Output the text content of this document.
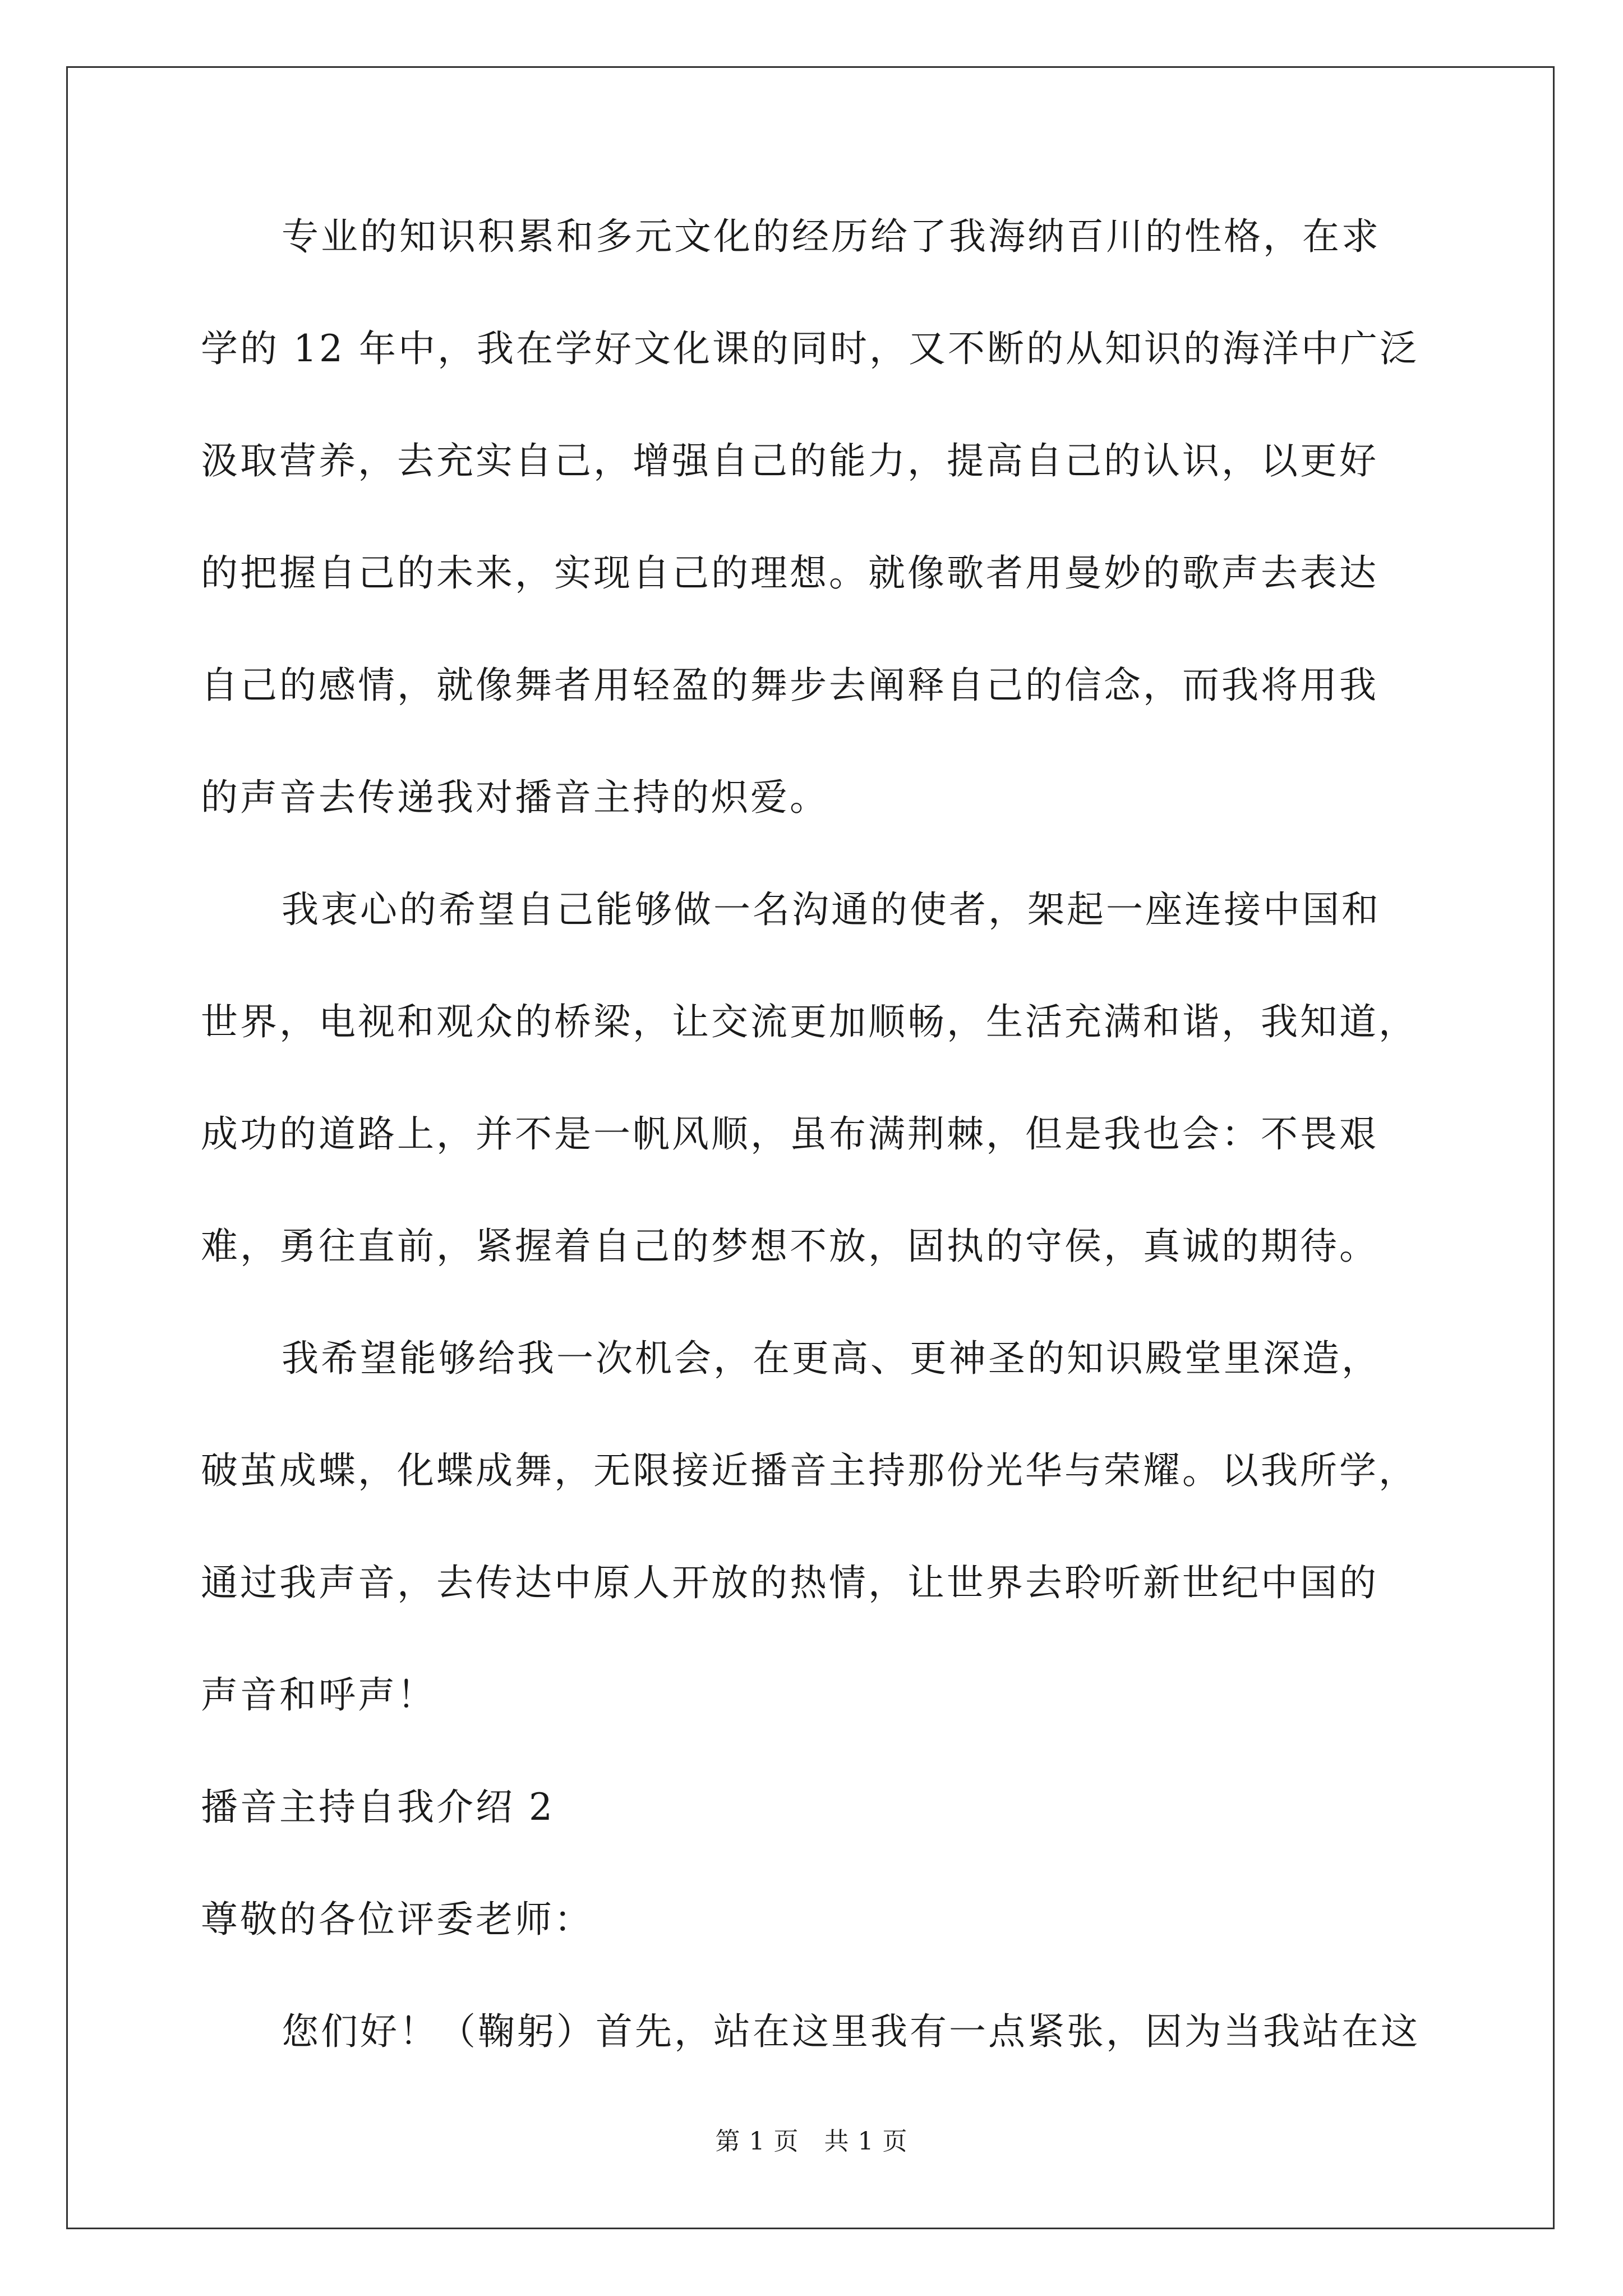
专业的知识积累和多元文化的经历给了我海纳百川的性格，在求
学的 12 年中，我在学好文化课的同时，又不断的从知识的海洋中广泛
汲取营养，去充实自己，增强自己的能力，提高自己的认识，以更好
的把握自己的未来，实现自己的理想。就像歌者用曼妙的歌声去表达
自己的感情，就像舞者用轻盈的舞步去阐释自己的信念，而我将用我
的声音去传递我对播音主持的炽爱。
我衷心的希望自己能够做一名沟通的使者，架起一座连接中国和
世界，电视和观众的桥梁，让交流更加顺畅，生活充满和谐，我知道，
成功的道路上，并不是一帆风顺，虽布满荆棘，但是我也会：不畏艰
难，勇往直前，紧握着自己的梦想不放，固执的守侯，真诚的期待。
我希望能够给我一次机会，在更高、更神圣的知识殿堂里深造，
破茧成蝶，化蝶成舞，无限接近播音主持那份光华与荣耀。以我所学，
通过我声音，去传达中原人开放的热情，让世界去聆听新世纪中国的
声音和呼声！
播音主持自我介绍 2
尊敬的各位评委老师：
您们好！（鞠躬）首先，站在这里我有一点紧张，因为当我站在这
第 1 页　共 1 页
